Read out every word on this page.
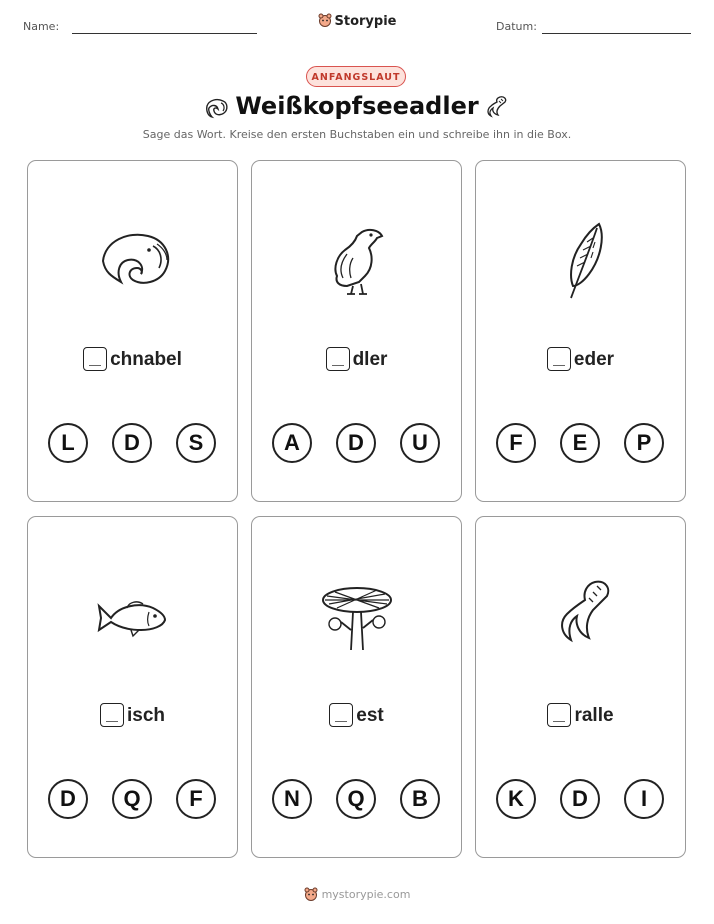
Name:	Storypie	Datum:
ANFANGSLAUT
Weißkopfseeadler
Sage das Wort. Kreise den ersten Buchstaben ein und schreibe ihn in die Box.
chnabel
L	D	S
dler
A	D	U
eder
F	E	P
isch
D	Q	F
est
N	Q	B
ralle
K	D	I
mystorypie.com
